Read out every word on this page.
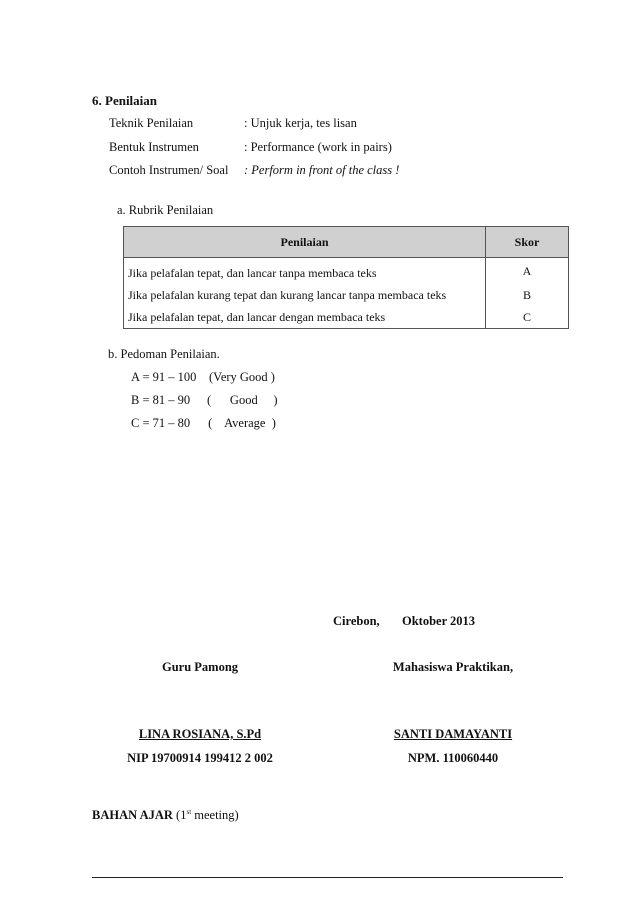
6. Penilaian
Teknik Penilaian	: Unjuk kerja, tes lisan
Bentuk Instrumen	: Performance (work in pairs)
Contoh Instrumen/ Soal : Perform in front of the class !
a. Rubrik Penilaian
Penilaian	Skor
Jika pelafalan tepat, dan lancar tanpa membaca teks	A
Jika pelafalan kurang tepat dan kurang lancar tanpa membaca teks	B
Jika pelafalan tepat, dan lancar dengan membaca teks	C
b. Pedoman Penilaian.
A = 91 – 100 (Very Good )
B = 81 – 90 (      Good     )
C = 71 – 80 (    Average  )
Cirebon, Oktober 2013
Guru Pamong	Mahasiswa Praktikan,
LINA ROSIANA, S.Pd	SANTI DAMAYANTI
NIP 19700914 199412 2 002	NPM. 110060440
BAHAN AJAR (1st meeting)
